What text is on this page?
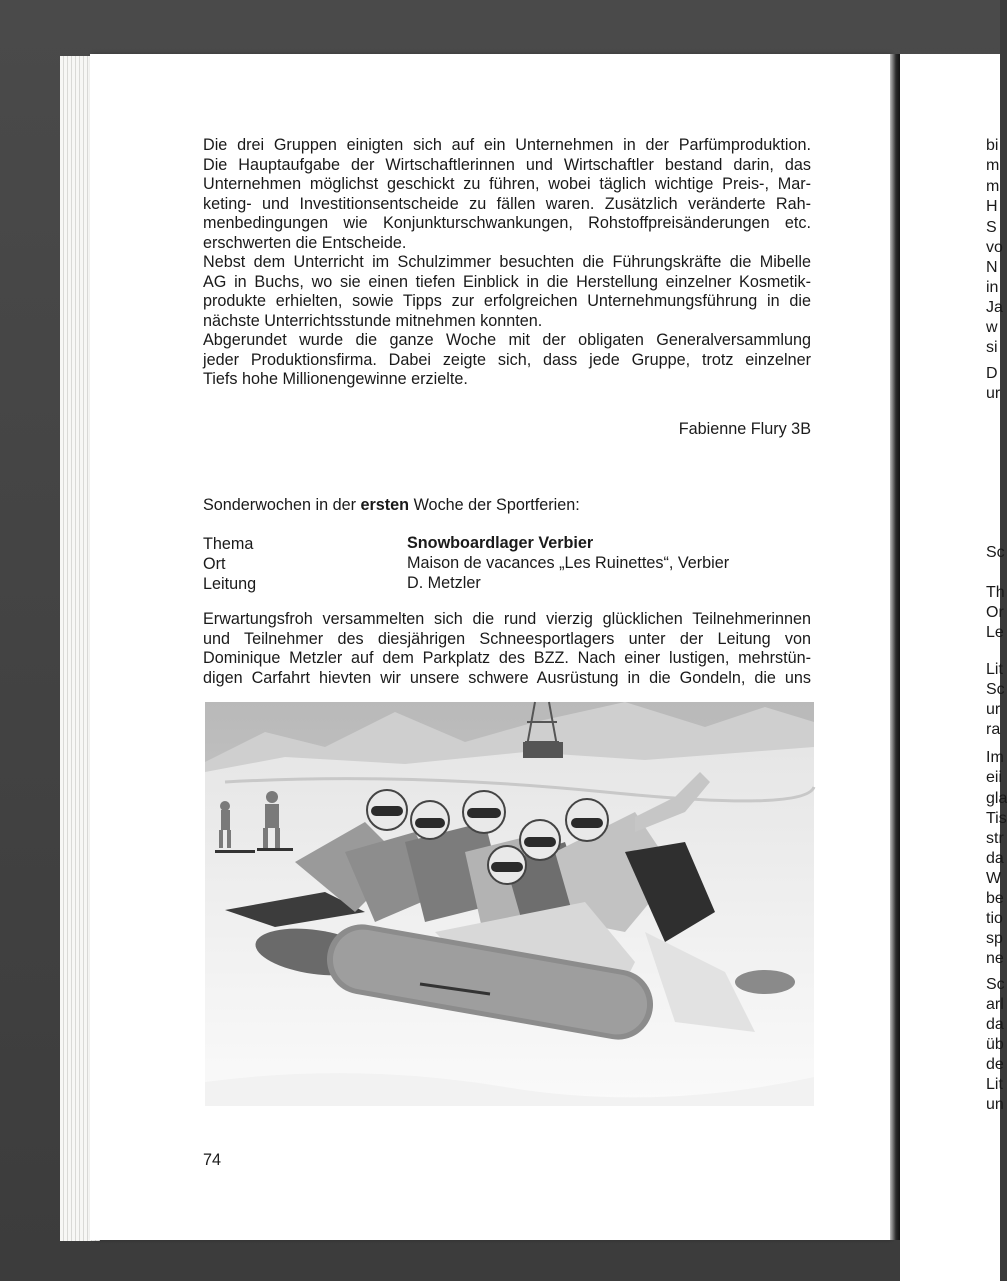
bi
m
m
H
S
vo
N
in
Ja
w
si
D
ur
Sc
Th
Or
Le
Lit
Sc
ur
ra
Im
eii
gla
Tis
str
da
W
be
tio
sp
ne
Sc
arl
da
üb
de
Lit
un
Die drei Gruppen einigten sich auf ein Unternehmen in der Parfümproduktion.
Die Hauptaufgabe der Wirtschaftlerinnen und Wirtschaftler bestand darin, das
Unternehmen möglichst geschickt zu führen, wobei täglich wichtige Preis-, Mar-
keting- und Investitionsentscheide zu fällen waren. Zusätzlich veränderte Rah-
menbedingungen wie Konjunkturschwankungen, Rohstoffpreisänderungen etc.
erschwerten die Entscheide.
Nebst dem Unterricht im Schulzimmer besuchten die Führungskräfte die Mibelle
AG in Buchs, wo sie einen tiefen Einblick in die Herstellung einzelner Kosmetik-
produkte erhielten, sowie Tipps zur erfolgreichen Unternehmungsführung in die
nächste Unterrichtsstunde mitnehmen konnten.
Abgerundet wurde die ganze Woche mit der obligaten Generalversammlung
jeder Produktionsfirma. Dabei zeigte sich, dass jede Gruppe, trotz einzelner
Tiefs hohe Millionengewinne erzielte.
Fabienne Flury 3B
Sonderwochen in der ersten Woche der Sportferien:
Thema	Snowboardlager Verbier
Ort	Maison de vacances „Les Ruinettes“, Verbier
Leitung	D. Metzler
Erwartungsfroh versammelten sich die rund vierzig glücklichen Teilnehmerinnen
und Teilnehmer des diesjährigen Schneesportlagers unter der Leitung von
Dominique Metzler auf dem Parkplatz des BZZ. Nach einer lustigen, mehrstün-
digen Carfahrt hievten wir unsere schwere Ausrüstung in die Gondeln, die uns
74
